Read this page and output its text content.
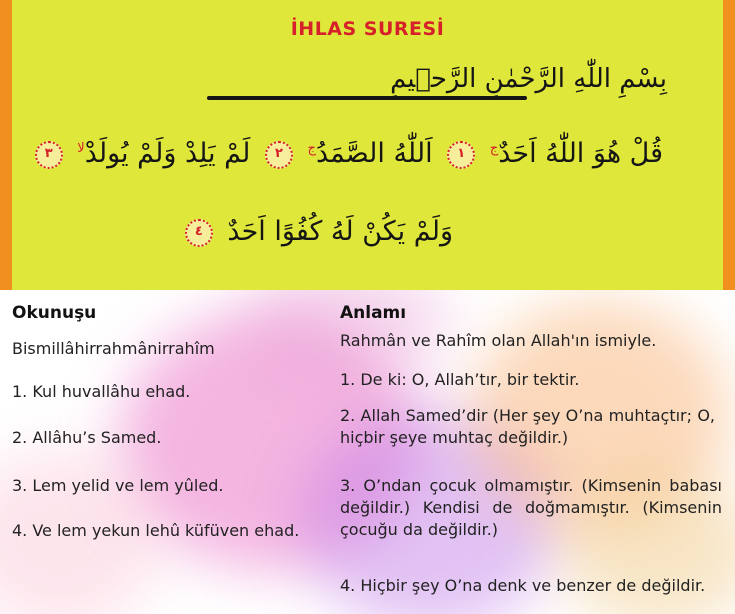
İHLAS SURESİ
بِسْمِ اللّٰهِ الرَّحْمٰنِ الرَّح۪يمِ
قُلْ هُوَ اللّٰهُ اَحَدٌ$^ج$ ١ اَللّٰهُ الصَّمَدُ$^ج$ ٢ لَمْ يَلِدْ وَلَمْ يُولَدْ$^{لا}$ ٣
وَلَمْ يَكُنْ لَهُ كُفُوًا اَحَدٌ ٤

Okunuşu

Bismillâhirrahmânirrahîm

1. Kul huvallâhu ehad.

2. Allâhu’s Samed.

3. Lem yelid ve lem yûled.

4. Ve lem yekun lehû küfüven ehad.

Anlamı

Rahmân ve Rahîm olan Allah'ın ismiyle.

1. De ki: O, Allah’tır, bir tektir.

2. Allah Samed’dir (Her şey O’na muhtaçtır; O, hiçbir şeye muhtaç değildir.)

3. O’ndan çocuk olmamıştır. (Kimsenin babası değildir.) Kendisi de doğmamıştır. (Kimsenin çocuğu da değildir.)

4. Hiçbir şey O’na denk ve benzer de değildir.
